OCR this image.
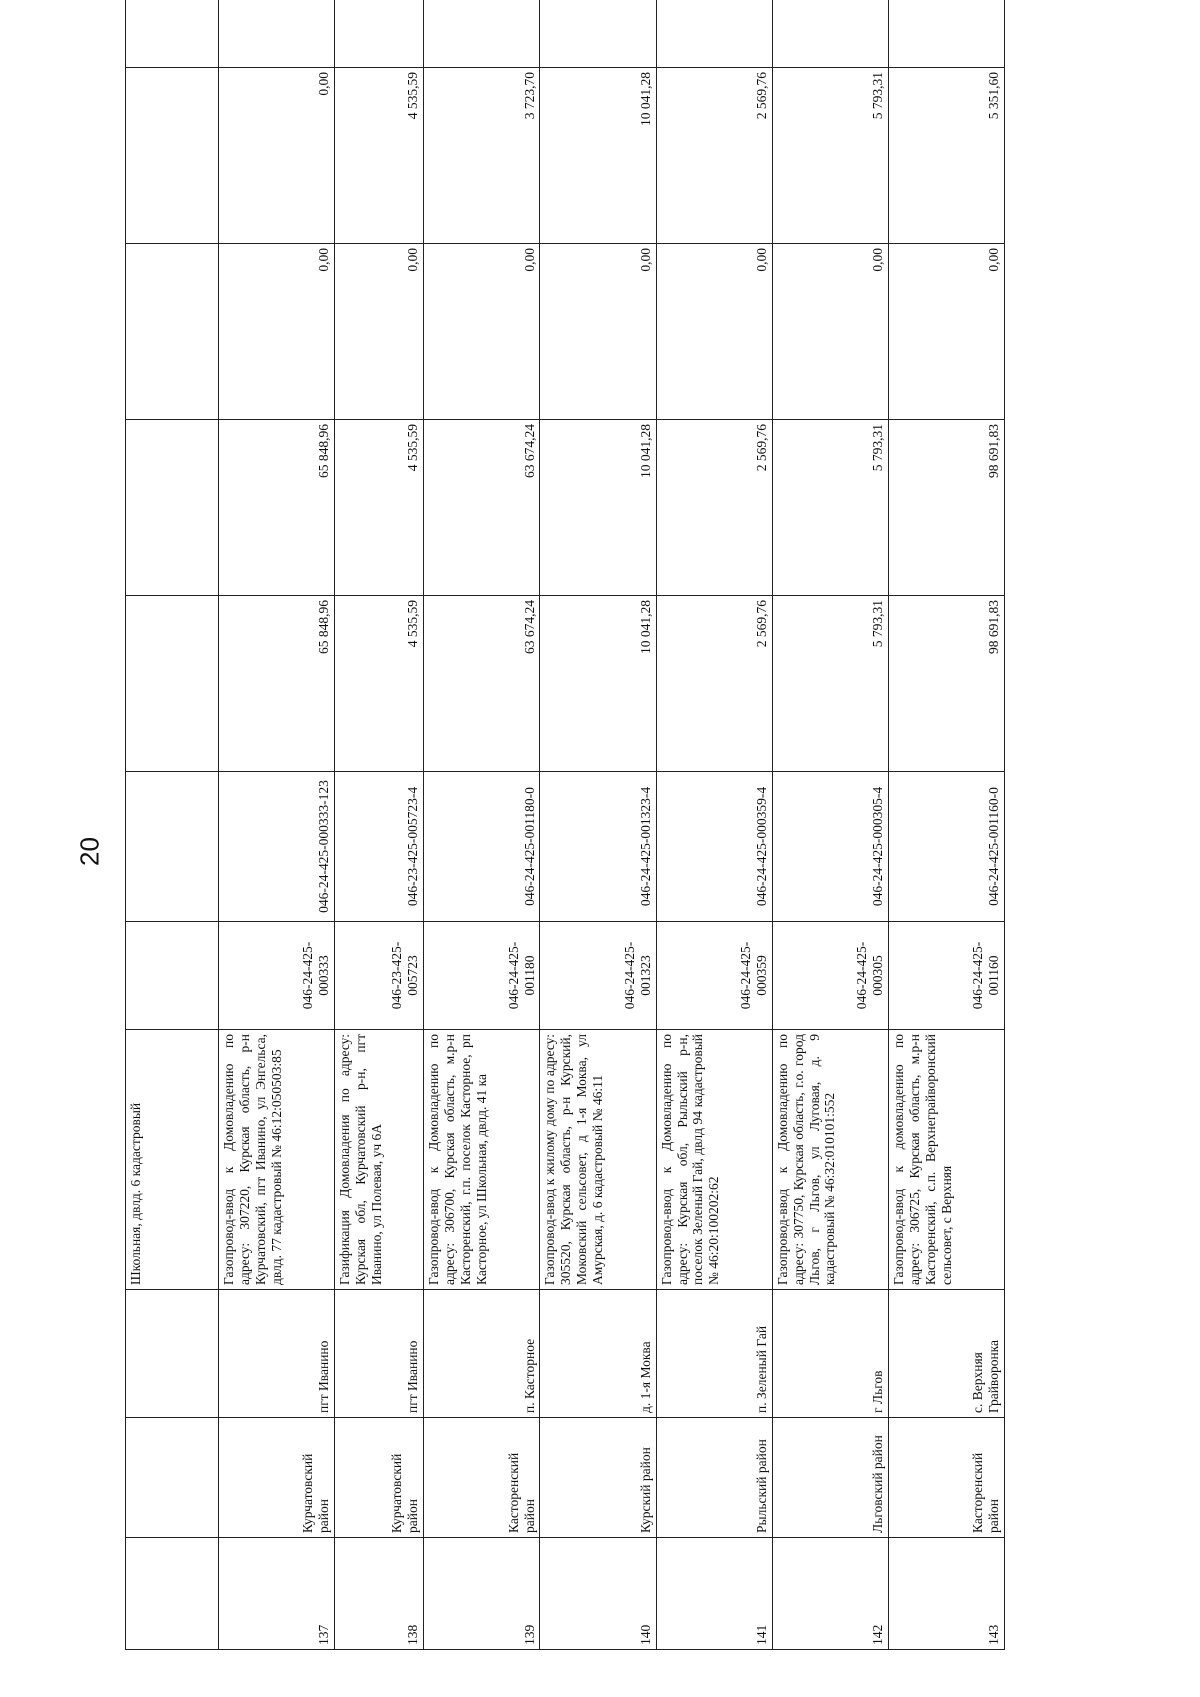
20
			Школьная, двлд. 6 кадастровый								
137	Курчатовский район	пгт Иванино	Газопровод-ввод к Домовладению по адресу: 307220, Курская область, р-н Курчатовский, пгт Иванино, ул Энгельса, двлд. 77 кадастровый № 46:12:050503:85	046-24-425-000333	046-24-425-000333-123	65 848,96	65 848,96	0,00	0,00		
138	Курчатовский район	пгт Иванино	Газификация Домовладения по адресу: Курская обл, Курчатовский р-н, пгт Иванино, ул Полевая, уч 6А	046-23-425-005723	046-23-425-005723-4	4 535,59	4 535,59	0,00	4 535,59		
139	Касторенский район	п. Касторное	Газопровод-ввод к Домовладению по адресу: 306700, Курская область, м.р-н Касторенский, г.п. поселок Касторное, рп Касторное, ул Школьная, двлд. 41 ка	046-24-425-001180	046-24-425-001180-0	63 674,24	63 674,24	0,00	3 723,70		
140	Курский район	д. 1-я Моква	Газопровод-ввод к жилому дому по адресу: 305520, Курская область, р-н Курский, Моковский сельсовет, д 1-я Моква, ул Амурская, д. 6 кадастровый № 46:11	046-24-425-001323	046-24-425-001323-4	10 041,28	10 041,28	0,00	10 041,28		
141	Рыльский район	п. Зеленый Гай	Газопровод-ввод к Домовладению по адресу: Курская обл, Рыльский р-н, поселок Зеленый Гай, двлд 94 кадастровый № 46:20:100202:62	046-24-425-000359	046-24-425-000359-4	2 569,76	2 569,76	0,00	2 569,76		
142	Льговский район	г Льгов	Газопровод-ввод к Домовладению по адресу: 307750, Курская область, г.о. город Льгов, г Льгов, ул Луговая, д. 9 кадастровый № 46:32:010101:552	046-24-425-000305	046-24-425-000305-4	5 793,31	5 793,31	0,00	5 793,31		
143	Касторенский район	с. Верхняя Грайворонка	Газопровод-ввод к домовладению по адресу: 306725, Курская область, м.р-н Касторенский, с.п. Верхнеграйворонский сельсовет, с Верхняя	046-24-425-001160	046-24-425-001160-0	98 691,83	98 691,83	0,00	5 351,60		
